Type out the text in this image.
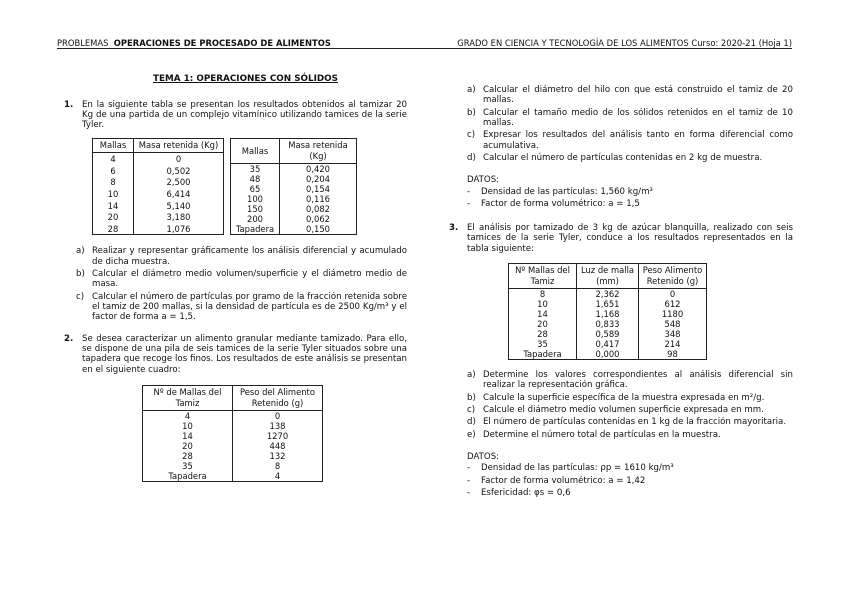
PROBLEMAS OPERACIONES DE PROCESADO DE ALIMENTOS	GRADO EN CIENCIA Y TECNOLOGÍA DE LOS ALIMENTOS Curso: 2020-21 (Hoja 1)
TEMA 1: OPERACIONES CON SÓLIDOS
1.	En la siguiente tabla se presentan los resultados obtenidos al tamizar 20 Kg de una partida de un complejo vitamínico utilizando tamices de la serie Tyler.
Mallas	Masa retenida (Kg)
4	0
6	0,502
8	2,500
10	6,414
14	5,140
20	3,180
28	1,076
Mallas	Masa retenida (Kg)
35	0,420
48	0,204
65	0,154
100	0,116
150	0,082
200	0,062
Tapadera	0,150
a) Realizar y representar gráficamente los análisis diferencial y acumulado de dicha muestra.
b) Calcular el diámetro medio volumen/superficie y el diámetro medio de masa.
c) Calcular el número de partículas por gramo de la fracción retenida sobre el tamiz de 200 mallas, si la densidad de partícula es de 2500 Kg/m³ y el factor de forma a = 1,5.
2.	Se desea caracterizar un alimento granular mediante tamizado. Para ello, se dispone de una pila de seis tamices de la serie Tyler situados sobre una tapadera que recoge los finos. Los resultados de este análisis se presentan en el siguiente cuadro:
Nº de Mallas del Tamiz	Peso del Alimento Retenido (g)
4	0
10	138
14	1270
20	448
28	132
35	8
Tapadera	4
a) Calcular el diámetro del hilo con que está construido el tamiz de 20 mallas.
b) Calcular el tamaño medio de los sólidos retenidos en el tamiz de 10 mallas.
c) Expresar los resultados del análisis tanto en forma diferencial como acumulativa.
d) Calcular el número de partículas contenidas en 2 kg de muestra.
DATOS:
-	Densidad de las partículas: 1,560 kg/m³
-	Factor de forma volumétrico: a = 1,5
3.	El análisis por tamizado de 3 kg de azúcar blanquilla, realizado con seis tamices de la serie Tyler, conduce a los resultados representados en la tabla siguiente:
Nº Mallas del Tamiz	Luz de malla (mm)	Peso Alimento Retenido (g)
8	2,362	0
10	1,651	612
14	1,168	1180
20	0,833	548
28	0,589	348
35	0,417	214
Tapadera	0,000	98
a) Determine los valores correspondientes al análisis diferencial sin realizar la representación gráfica.
b) Calcule la superficie específica de la muestra expresada en m²/g.
c) Calcule el diámetro medio volumen superficie expresada en mm.
d) El número de partículas contenidas en 1 kg de la fracción mayoritaria.
e) Determine el número total de partículas en la muestra.
DATOS:
-	Densidad de las partículas: ρp = 1610 kg/m³
-	Factor de forma volumétrico: a = 1,42
-	Esfericidad: φs = 0,6
